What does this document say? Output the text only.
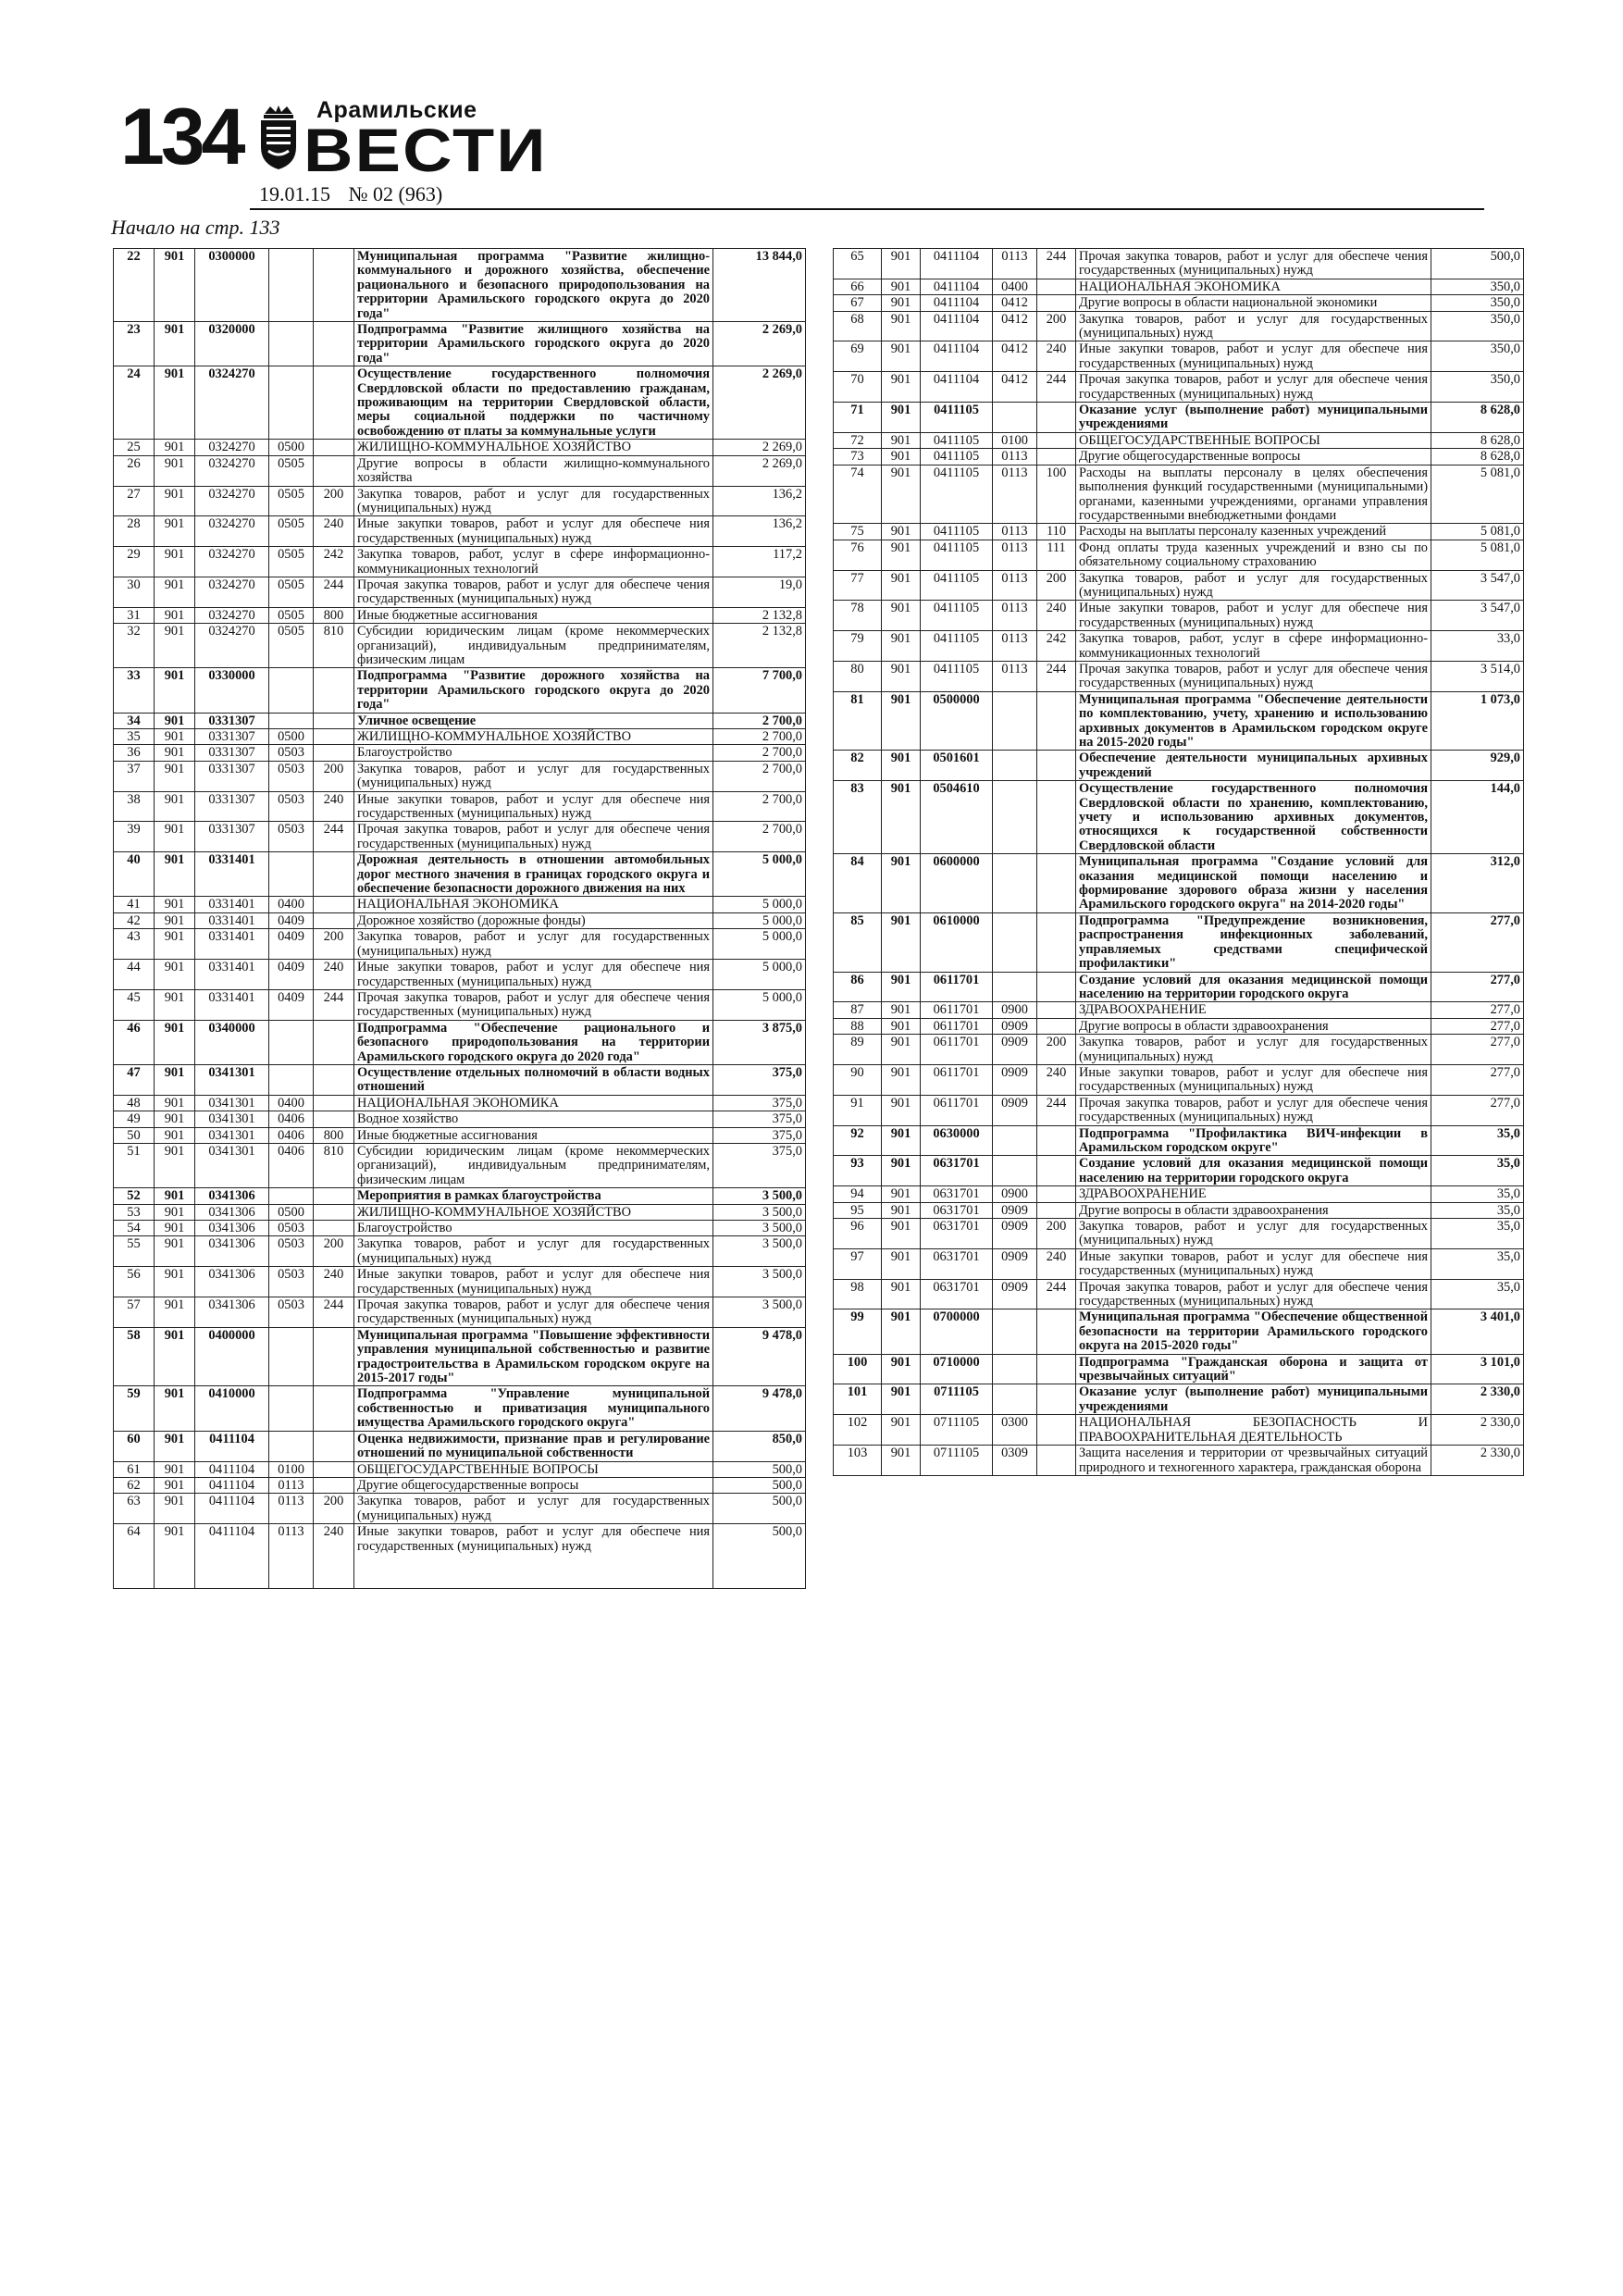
134	Арамильские
ВЕСТИ
19.01.15 № 02 (963)
Начало на стр. 133
22	901	0300000			Муниципальная программа "Развитие жилищно-коммунального и дорожного хозяйства, обеспечение рационального и безопасного природопользования на территории Арамильского городского округа до 2020 года"	13 844,0
23	901	0320000			Подпрограмма "Развитие жилищного хозяйства на территории Арамильского городского округа до 2020 года"	2 269,0
24	901	0324270			Осуществление государственного полномочия Свердловской области по предоставлению гражданам, проживающим на территории Свердловской области, меры социальной поддержки по частичному освобождению от платы за коммунальные услуги	2 269,0
25	901	0324270	0500		ЖИЛИЩНО-КОММУНАЛЬНОЕ ХОЗЯЙСТВО	2 269,0
26	901	0324270	0505		Другие вопросы в области жилищно-коммунального хозяйства	2 269,0
27	901	0324270	0505	200	Закупка товаров, работ и услуг для государственных (муниципальных) нужд	136,2
28	901	0324270	0505	240	Иные закупки товаров, работ и услуг для обеспече ния государственных (муниципальных) нужд	136,2
29	901	0324270	0505	242	Закупка товаров, работ, услуг в сфере информационно-коммуникационных технологий	117,2
30	901	0324270	0505	244	Прочая закупка товаров, работ и услуг для обеспече чения государственных (муниципальных) нужд	19,0
31	901	0324270	0505	800	Иные бюджетные ассигнования	2 132,8
32	901	0324270	0505	810	Субсидии юридическим лицам (кроме некоммерческих организаций), индивидуальным предпринимателям, физическим лицам	2 132,8
33	901	0330000			Подпрограмма "Развитие дорожного хозяйства на территории Арамильского городского округа до 2020 года"	7 700,0
34	901	0331307			Уличное освещение	2 700,0
35	901	0331307	0500		ЖИЛИЩНО-КОММУНАЛЬНОЕ ХОЗЯЙСТВО	2 700,0
36	901	0331307	0503		Благоустройство	2 700,0
37	901	0331307	0503	200	Закупка товаров, работ и услуг для государственных (муниципальных) нужд	2 700,0
38	901	0331307	0503	240	Иные закупки товаров, работ и услуг для обеспече ния государственных (муниципальных) нужд	2 700,0
39	901	0331307	0503	244	Прочая закупка товаров, работ и услуг для обеспече чения государственных (муниципальных) нужд	2 700,0
40	901	0331401			Дорожная деятельность в отношении автомобильных дорог местного значения в границах городского округа и обеспечение безопасности дорожного движения на них	5 000,0
41	901	0331401	0400		НАЦИОНАЛЬНАЯ ЭКОНОМИКА	5 000,0
42	901	0331401	0409		Дорожное хозяйство (дорожные фонды)	5 000,0
43	901	0331401	0409	200	Закупка товаров, работ и услуг для государственных (муниципальных) нужд	5 000,0
44	901	0331401	0409	240	Иные закупки товаров, работ и услуг для обеспече ния государственных (муниципальных) нужд	5 000,0
45	901	0331401	0409	244	Прочая закупка товаров, работ и услуг для обеспече чения государственных (муниципальных) нужд	5 000,0
46	901	0340000			Подпрограмма "Обеспечение рационального и безопасного природопользования на территории Арамильского городского округа до 2020 года"	3 875,0
47	901	0341301			Осуществление отдельных полномочий в области водных отношений	375,0
48	901	0341301	0400		НАЦИОНАЛЬНАЯ ЭКОНОМИКА	375,0
49	901	0341301	0406		Водное хозяйство	375,0
50	901	0341301	0406	800	Иные бюджетные ассигнования	375,0
51	901	0341301	0406	810	Субсидии юридическим лицам (кроме некоммерческих организаций), индивидуальным предпринимателям, физическим лицам	375,0
52	901	0341306			Мероприятия в рамках благоустройства	3 500,0
53	901	0341306	0500		ЖИЛИЩНО-КОММУНАЛЬНОЕ ХОЗЯЙСТВО	3 500,0
54	901	0341306	0503		Благоустройство	3 500,0
55	901	0341306	0503	200	Закупка товаров, работ и услуг для государственных (муниципальных) нужд	3 500,0
56	901	0341306	0503	240	Иные закупки товаров, работ и услуг для обеспече ния государственных (муниципальных) нужд	3 500,0
57	901	0341306	0503	244	Прочая закупка товаров, работ и услуг для обеспече чения государственных (муниципальных) нужд	3 500,0
58	901	0400000			Муниципальная программа "Повышение эффективности управления муниципальной собственностью и развитие градостроительства в Арамильском городском округе на 2015-2017 годы"	9 478,0
59	901	0410000			Подпрограмма "Управление муниципальной собственностью и приватизация муниципального имущества Арамильского городского округа"	9 478,0
60	901	0411104			Оценка недвижимости, признание прав и регулирование отношений по муниципальной собственности	850,0
61	901	0411104	0100		ОБЩЕГОСУДАРСТВЕННЫЕ ВОПРОСЫ	500,0
62	901	0411104	0113		Другие общегосударственные вопросы	500,0
63	901	0411104	0113	200	Закупка товаров, работ и услуг для государственных (муниципальных) нужд	500,0
64	901	0411104	0113	240	Иные закупки товаров, работ и услуг для обеспече ния государственных (муниципальных) нужд	500,0
65	901	0411104	0113	244	Прочая закупка товаров, работ и услуг для обеспече чения государственных (муниципальных) нужд	500,0
66	901	0411104	0400		НАЦИОНАЛЬНАЯ ЭКОНОМИКА	350,0
67	901	0411104	0412		Другие вопросы в области национальной экономики	350,0
68	901	0411104	0412	200	Закупка товаров, работ и услуг для государственных (муниципальных) нужд	350,0
69	901	0411104	0412	240	Иные закупки товаров, работ и услуг для обеспече ния государственных (муниципальных) нужд	350,0
70	901	0411104	0412	244	Прочая закупка товаров, работ и услуг для обеспече чения государственных (муниципальных) нужд	350,0
71	901	0411105			Оказание услуг (выполнение работ) муниципальными учреждениями	8 628,0
72	901	0411105	0100		ОБЩЕГОСУДАРСТВЕННЫЕ ВОПРОСЫ	8 628,0
73	901	0411105	0113		Другие общегосударственные вопросы	8 628,0
74	901	0411105	0113	100	Расходы на выплаты персоналу в целях обеспечения выполнения функций государственными (муниципальными) органами, казенными учреждениями, органами управления государственными внебюджетными фондами	5 081,0
75	901	0411105	0113	110	Расходы на выплаты персоналу казенных учреждений	5 081,0
76	901	0411105	0113	111	Фонд оплаты труда казенных учреждений и взно сы по обязательному социальному страхованию	5 081,0
77	901	0411105	0113	200	Закупка товаров, работ и услуг для государственных (муниципальных) нужд	3 547,0
78	901	0411105	0113	240	Иные закупки товаров, работ и услуг для обеспече ния государственных (муниципальных) нужд	3 547,0
79	901	0411105	0113	242	Закупка товаров, работ, услуг в сфере информационно-коммуникационных технологий	33,0
80	901	0411105	0113	244	Прочая закупка товаров, работ и услуг для обеспече чения государственных (муниципальных) нужд	3 514,0
81	901	0500000			Муниципальная программа "Обеспечение деятельности по комплектованию, учету, хранению и использованию архивных документов в Арамильском городском округе на 2015-2020 годы"	1 073,0
82	901	0501601			Обеспечение деятельности муниципальных архивных учреждений	929,0
83	901	0504610			Осуществление государственного полномочия Свердловской области по хранению, комплектованию, учету и использованию архивных документов, относящихся к государственной собственности Свердловской области	144,0
84	901	0600000			Муниципальная программа "Создание условий для оказания медицинской помощи населению и формирование здорового образа жизни у населения Арамильского городского округа" на 2014-2020 годы"	312,0
85	901	0610000			Подпрограмма "Предупреждение возникновения, распространения инфекционных заболеваний, управляемых средствами специфической профилактики"	277,0
86	901	0611701			Создание условий для оказания медицинской помощи населению на территории городского округа	277,0
87	901	0611701	0900		ЗДРАВООХРАНЕНИЕ	277,0
88	901	0611701	0909		Другие вопросы в области здравоохранения	277,0
89	901	0611701	0909	200	Закупка товаров, работ и услуг для государственных (муниципальных) нужд	277,0
90	901	0611701	0909	240	Иные закупки товаров, работ и услуг для обеспече ния государственных (муниципальных) нужд	277,0
91	901	0611701	0909	244	Прочая закупка товаров, работ и услуг для обеспече чения государственных (муниципальных) нужд	277,0
92	901	0630000			Подпрограмма "Профилактика ВИЧ-инфекции в Арамильском городском округе"	35,0
93	901	0631701			Создание условий для оказания медицинской помощи населению на территории городского округа	35,0
94	901	0631701	0900		ЗДРАВООХРАНЕНИЕ	35,0
95	901	0631701	0909		Другие вопросы в области здравоохранения	35,0
96	901	0631701	0909	200	Закупка товаров, работ и услуг для государственных (муниципальных) нужд	35,0
97	901	0631701	0909	240	Иные закупки товаров, работ и услуг для обеспече ния государственных (муниципальных) нужд	35,0
98	901	0631701	0909	244	Прочая закупка товаров, работ и услуг для обеспече чения государственных (муниципальных) нужд	35,0
99	901	0700000			Муниципальная программа "Обеспечение общественной безопасности на территории Арамильского городского округа на 2015-2020 годы"	3 401,0
100	901	0710000			Подпрограмма "Гражданская оборона и защита от чрезвычайных ситуаций"	3 101,0
101	901	0711105			Оказание услуг (выполнение работ) муниципальными учреждениями	2 330,0
102	901	0711105	0300		НАЦИОНАЛЬНАЯ БЕЗОПАСНОСТЬ И ПРАВООХРАНИТЕЛЬНАЯ ДЕЯТЕЛЬНОСТЬ	2 330,0
103	901	0711105	0309		Защита населения и территории от чрезвычайных ситуаций природного и техногенного характера, гражданская оборона	2 330,0
